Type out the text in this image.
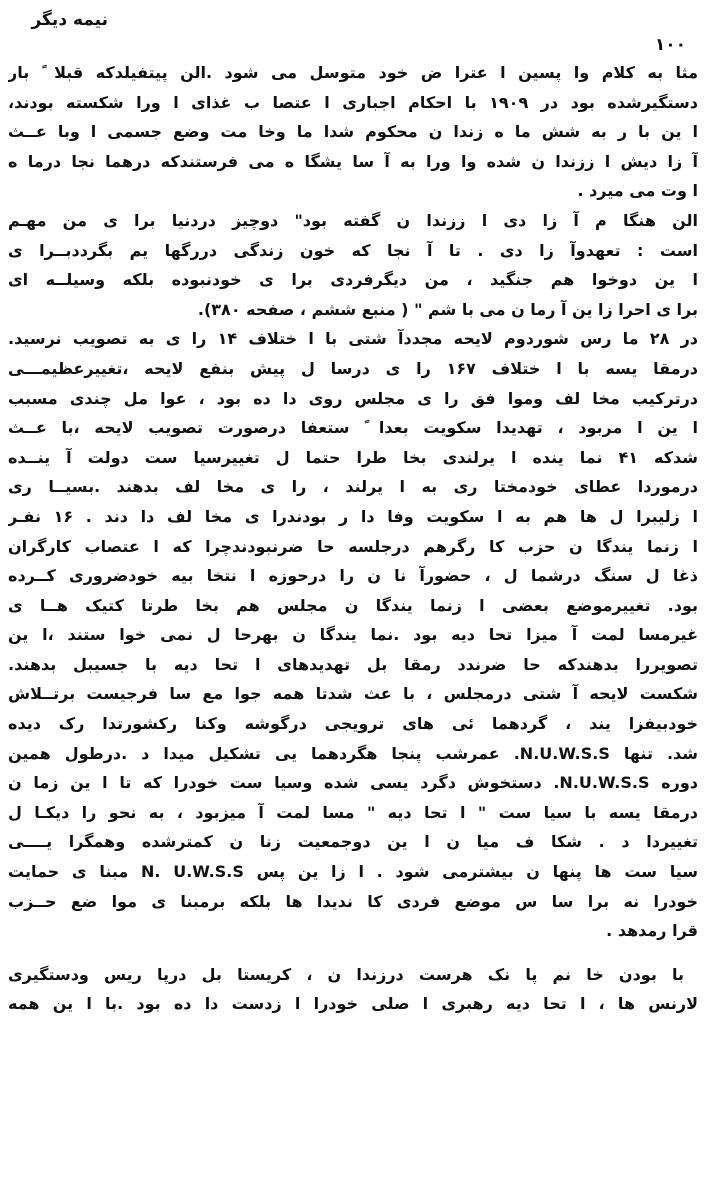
نیمه دیگر
۱۰۰
مثا به کلام وا پسین ا عترا ض خود متوسل می شود .الن پیتفیلدکه قبلا ً بار
دستگیرشده بود در ۱۹۰۹ با احکام اجباری ا عتصا ب غذای ا ورا شکسته بودند،
ا ین با ر به شش ما ه زندا ن محکوم شدا ما وخا مت وضع جسمی ا وبا عــث
آ زا دیش ا ززندا ن شده وا ورا به آ سا یشگا ه می فرستندکه درهما نجا درما ه
ا وت می میرد .
الن هنگا م آ زا دی ا ززندا ن گفته بود" دوچیز دردنیا برا ی من مهـم
است : تعهدوآ زا دی . تا آ نجا که خون زندگی دررگها یم بگرددبــرا ی
ا ین دوخوا هم جنگید ، من دیگرفردی برا ی خودنبوده بلکه وسیلــه ای
برا ی احرا زا ین آ رما ن می با شم " ( منبع ششم ، صفحه ۳۸۰).
در ۲۸ ما رس شوردوم لایحه مجددآ شتی با ا ختلاف ۱۴ را ی به تصویب نرسید.
درمقا یسه با ا ختلاف ۱۶۷ را ی درسا ل پیش بنفع لایحه ،تغییرعظیمـــی
درترکیب مخا لف وموا فق را ی مجلس روی دا ده بود ، عوا مل چندی مسبب
ا ین ا مربود ، تهدیدا سکویت بعدا ً ستعفا درصورت تصویب لایحه ،با عــث
شدکه ۴۱ نما ینده ا یرلندی بخا طرا حتما ل تغییرسیا ست دولت آ ینــده
درموردا عطای خودمختا ری به ا یرلند ، را ی مخا لف بدهند .بسیــا ری
ا زلیبرا ل ها هم به ا سکویت وفا دا ر بودندرا ی مخا لف دا دند . ۱۶ نفـر
ا زنما یندگا ن حزب کا رگرهم درجلسه حا ضرنبودندچرا که ا عتصاب کارگران
ذغا ل سنگ درشما ل ، حضورآ نا ن را درحوزه ا نتخا بیه خودضروری کــرده
بود. تغییرموضع بعضی ا زنما یندگا ن مجلس هم بخا طرتا کتیک هــا ی
غیرمسا لمت آ میزا تحا دیه بود .نما یندگا ن بهرحا ل نمی خوا ستند ،ا ین
تصویررا بدهندکه حا ضرندد رمقا بل تهدیدهای ا تحا دیه با جسیبل بدهند.
شکست لایحه آ شتی درمجلس ، با عث شدتا همه جوا مع سا فرجیست برتــلاش
خودبیفزا یند ، گردهما ئی های ترویجی درگوشه وکنا رکشورتدا رک دیده
شد. تنها N.U.W.S.S. عمرشب پنجا هگردهما یی تشکیل میدا د .درطول همین
دوره N.U.W.S.S. دستخوش دگرد یسی شده وسیا ست خودرا که تا ا ین زما ن
درمقا یسه با سیا ست " ا تحا دیه " مسا لمت آ میزبود ، به نحو را دیکـا ل
تغییردا د . شکا ف میا ن ا ین دوجمعیت زنا ن کمترشده وهمگرا یــــی
سیا ست ها پنها ن بیشترمی شود . ا زا ین پس N. U.W.S.S مبنا ی حمایت
خودرا نه برا سا س موضع فردی کا ندیدا ها بلکه برمبنا ی موا ضع حــزب
قرا رمدهد .
با بودن خا نم پا نک هرست درزندا ن ، کریستا بل درپا ریس ودستگیری
لارنس ها ، ا تحا دیه رهبری ا صلی خودرا ا زدست دا ده بود .با ا ین همه
